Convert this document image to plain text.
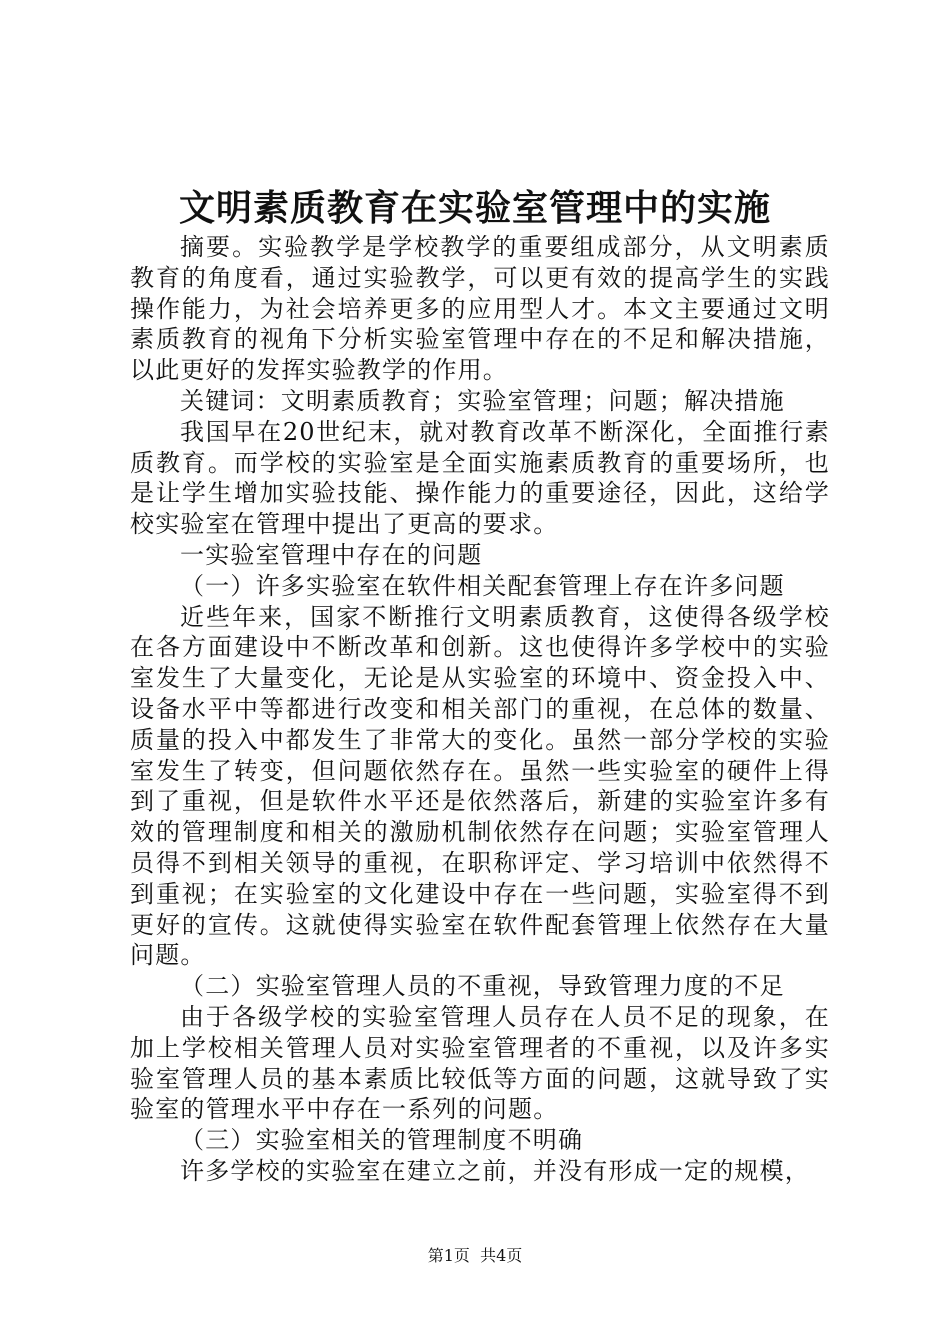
文明素质教育在实验室管理中的实施

摘要。实验教学是学校教学的重要组成部分，从文明素质教育的角度看，通过实验教学，可以更有效的提高学生的实践操作能力，为社会培养更多的应用型人才。本文主要通过文明素质教育的视角下分析实验室管理中存在的不足和解决措施，以此更好的发挥实验教学的作用。

关键词：文明素质教育；实验室管理；问题；解决措施

我国早在20世纪末，就对教育改革不断深化，全面推行素质教育。而学校的实验室是全面实施素质教育的重要场所，也是让学生增加实验技能、操作能力的重要途径，因此，这给学校实验室在管理中提出了更高的要求。

一实验室管理中存在的问题

（一）许多实验室在软件相关配套管理上存在许多问题

近些年来，国家不断推行文明素质教育，这使得各级学校在各方面建设中不断改革和创新。这也使得许多学校中的实验室发生了大量变化，无论是从实验室的环境中、资金投入中、设备水平中等都进行改变和相关部门的重视，在总体的数量、质量的投入中都发生了非常大的变化。虽然一部分学校的实验室发生了转变，但问题依然存在。虽然一些实验室的硬件上得到了重视，但是软件水平还是依然落后，新建的实验室许多有效的管理制度和相关的激励机制依然存在问题；实验室管理人员得不到相关领导的重视，在职称评定、学习培训中依然得不到重视；在实验室的文化建设中存在一些问题，实验室得不到更好的宣传。这就使得实验室在软件配套管理上依然存在大量问题。

（二）实验室管理人员的不重视，导致管理力度的不足

由于各级学校的实验室管理人员存在人员不足的现象，在加上学校相关管理人员对实验室管理者的不重视，以及许多实验室管理人员的基本素质比较低等方面的问题，这就导致了实验室的管理水平中存在一系列的问题。

（三）实验室相关的管理制度不明确

许多学校的实验室在建立之前，并没有形成一定的规模，

第1页  共4页
